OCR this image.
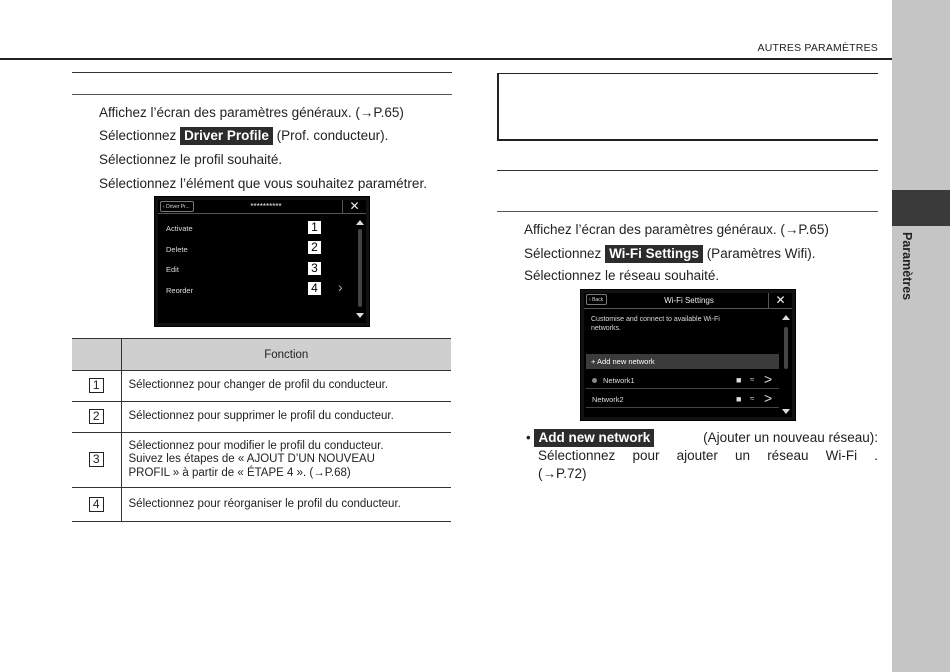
AUTRES PARAMÈTRES
Paramètres
Affichez l’écran des paramètres généraux. (→P.65)
Sélectionnez Driver Profile (Prof. conducteur).
Sélectionnez le profil souhaité.
Sélectionnez l’élément que vous souhaitez paramétrer.
‹ Driver Pr...	**********	✕
Activate	1
Delete	2
Edit	3
Reorder	4 ›
	Fonction
1	Sélectionnez pour changer de profil du conducteur.
2	Sélectionnez pour supprimer le profil du conducteur.
3	Sélectionnez pour modifier le profil du conducteur.
Suivez les étapes de « AJOUT D’UN NOUVEAU
PROFIL » à partir de « ÉTAPE 4 ». (→P.68)

4	Sélectionnez pour réorganiser le profil du conducteur.
Affichez l’écran des paramètres généraux. (→P.65)
Sélectionnez Wi-Fi Settings (Paramètres Wifi).
Sélectionnez le réseau souhaité.
‹ Back	Wi-Fi Settings	✕
Customise and connect to available Wi-Fi
networks.
+ Add new network
Network1	■ ≈ >
Network2	■ ≈ >
• Add new network	(Ajouter un nouveau réseau):
Sélectionnez pour ajouter un réseau Wi-Fi .
(→P.72)
